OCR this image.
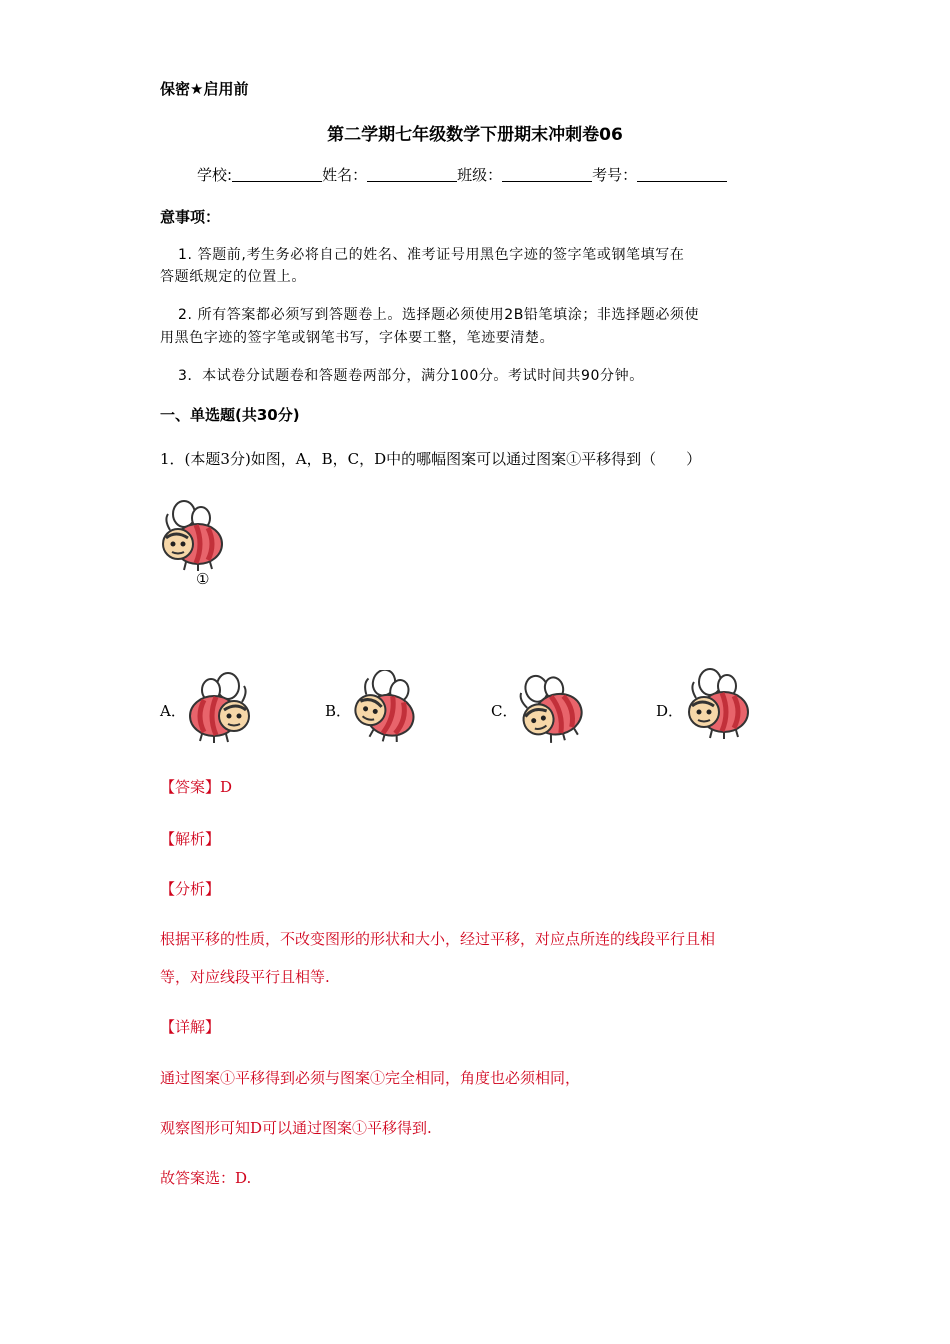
保密★启用前
第二学期七年级数学下册期末冲刺卷06
学校:	姓名：	班级：	考号：
意事项：
1. 答题前,考生务必将自己的姓名、准考证号用黑色字迹的签字笔或钢笔填写在
答题纸规定的位置上。
2. 所有答案都必须写到答题卷上。选择题必须使用2B铅笔填涂；非选择题必须使
用黑色字迹的签字笔或钢笔书写，字体要工整，笔迹要清楚。
3．本试卷分试题卷和答题卷两部分，满分100分。考试时间共90分钟。
一、单选题(共30分)
1．(本题3分)如图，A，B，C，D中的哪幅图案可以通过图案①平移得到（　　）
①
A．	B．	C．	D．
【答案】D
【解析】
【分析】
根据平移的性质，不改变图形的形状和大小，经过平移，对应点所连的线段平行且相
等，对应线段平行且相等.
【详解】
通过图案①平移得到必须与图案①完全相同，角度也必须相同，
观察图形可知D可以通过图案①平移得到.
故答案选：D.
